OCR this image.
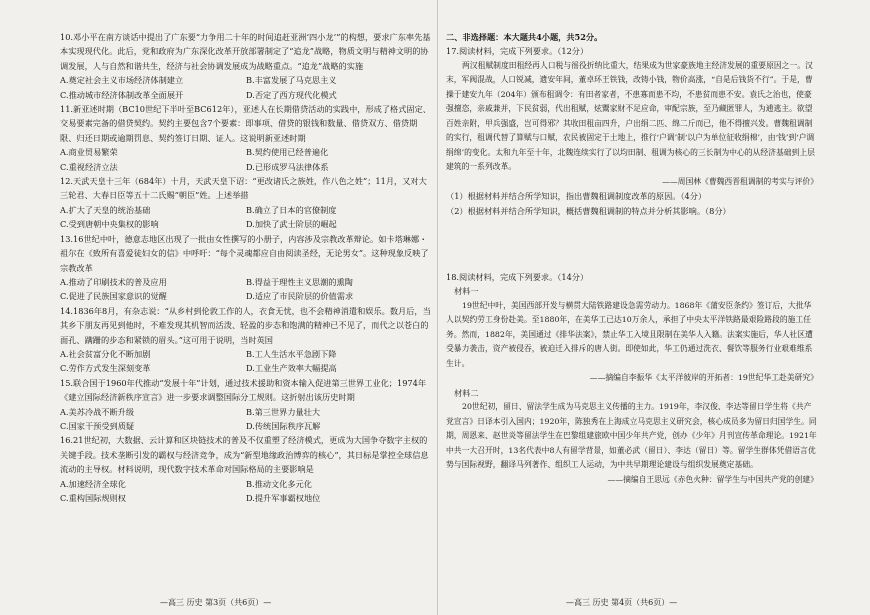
10.邓小平在南方谈话中提出了广东要“力争用二十年的时间追赶亚洲‘四小龙’”的构想，要求广东率先基本实现现代化。此后，党和政府为广东深化改革开放部署制定了“追龙”战略，物质文明与精神文明的协调发展，人与自然和谐共生，经济与社会协调发展成为战略重点。“追龙”战略的实施
A.奠定社会主义市场经济体制建立	B.丰富发展了马克思主义
C.推动城市经济体制改革全面展开	D.否定了西方现代化模式
11.新亚述时期（BC10世纪下半叶至BC612年），亚述人在长期借贷活动的实践中，形成了格式固定、交易要素完备的借贷契约。契约主要包含7个要素：即事项、借贷的银钱和数量、借贷双方、借贷期限、归还日期或逾期罚息、契约签订日期、证人。这说明新亚述时期
A.商业贸易繁荣	B.契约使用已经普遍化
C.重视经济立法	D.已形成罗马法律体系
12.天武天皇十三年（684年）十月，天武天皇下诏：“更改诸氏之族姓，作八色之姓”；11月，又对大三轮君、大春日臣等五十二氏赐“朝臣”姓。上述举措
A.扩大了天皇的统治基础	B.确立了日本的官僚制度
C.受到唐朝中央集权的影响	D.加快了武士阶层的崛起
13.16世纪中叶，德意志地区出现了一批由女性撰写的小册子，内容涉及宗教改革辩论。如卡塔琳娜・祖尔在《致所有喜爱徒妇女的信》中呼吁：“每个灵魂都应自由阅读圣经，无论男女”。这种现象反映了宗教改革
A.推动了印刷技术的普及应用	B.得益于理性主义思潮的熏陶
C.促进了民族国家意识的觉醒	D.适应了市民阶层的价值需求
14.1836年8月，有杂志说：“从乡村到伦敦工作的人，衣食无忧，也不会精神消遣和娱乐。数月后，当其乡下朋友再见到他时，不难发现其机智而活泼、轻盈的步态和饱满的精神已不见了，而代之以苍白的面孔、蹒跚的步态和紧锁的眉头。”这可用于说明，当时英国
A.社会贫富分化不断加剧	B.工人生活水平急剧下降
C.劳作方式发生深刻变革	D.工业生产效率大幅提高
15.联合国于1960年代推动“发展十年”计划，通过技术援助和资本输入促进第三世界工业化；1974年《建立国际经济新秩序宣言》进一步要求调整国际分工规则。这折射出该历史时期
A.美苏冷战不断升级	B.第三世界力量壮大
C.国家干预受到质疑	D.传统国际秩序瓦解
16.21世纪初，大数据、云计算和区块链技术的普及不仅重塑了经济模式，更成为大国争夺数字主权的关键手段。技术垄断引发的霸权与经济竞争，成为“新型地缘政治博弈的核心”，其日标是掌控全球信息流动的主导权。材料说明，现代数字技术革命对国际格局的主要影响是
A.加速经济全球化	B.推动文化多元化
C.重构国际规则权	D.提升军事霸权地位
二、非选择题：本大题共4小题，共52分。
17.阅读材料，完成下列要求。（12分）
两汉租赋制度田租经再人口税与徭役折纳比重大，结果成为世家豪族地主经济发展的重要原因之一。汉末，军阀混战，人口锐减，遗安年间，董卓环王铁钱，改铸小钱，物价高涨，“自是后钱货不行”。于是，曹操于建安九年（204年）颁布租调令：有田者家者，不患寡而患不均，不患贫而患不安。袁氏之治也，使豪强擅恣，亲戚兼并，下民贫弱，代出租赋，炫鬻家财不足应命，审配宗族，至乃藏匿罪人，为逋逃主。欲望百姓亲附，甲兵强盛，岂可得邪？其收田租亩四升，户出绢二匹、绵二斤而已，他不得擅兴发。曹魏租调制的实行，租调代替了算赋与口赋，农民被固定于土地上，推行‘户调’制‘以户为单位征收绢棉’，由‘钱’到‘户调绢绵’的变化。太和九年至十年，北魏连续实行了以均田制、租调为核心的三长制为中心的从经济基础到上层建筑的一系列改革。
——周国林《曹魏西晋租调制的考实与评价》
（1）根据材料并结合所学知识，指出曹魏租调制度改革的原因。（4分）
（2）根据材料并结合所学知识，概括曹魏租调制的特点并分析其影响。（8分）
18.阅读材料，完成下列要求。（14分）
材料一
19世纪中叶，美国西部开发与横贯大陆铁路建设急需劳动力。1868年《蒲安臣条约》签订后，大批华人以契约劳工身份赴美。至1880年，在美华工已达10万余人，承担了中央太平洋铁路最艰险路段的施工任务。然而，1882年，美国通过《排华法案》，禁止华工入境且限制在美华人入籍。法案实施后，华人社区遭受暴力袭击，资产被侵吞，被迫迁入排斥的唐人街。即使如此，华工仍通过洗衣、餐饮等服务行业艰难维系生计。
——摘编自李振华《太平洋彼岸的开拓者：19世纪华工赴美研究》
材料二
20世纪初，留日、留法学生成为马克思主义传播的主力。1919年，李汉俊、李达等留日学生将《共产党宣言》日译本引入国内；1920年，陈独秀在上海成立马克思主义研究会，核心成员多为留日归国学生。同期，周恩来、赵世炎等留法学生在巴黎组建旅欧中国少年共产党，创办《少年》月刊宣传革命理论。1921年中共一大召开时，13名代表中8人有留学背景，如董必武（留日）、李达（留日）等。留学生群体凭借语言优势与国际视野，翻译马列著作、组织工人运动，为中共早期理论建设与组织发展奠定基础。
——摘编自王思远《赤色火种：留学生与中国共产党的创建》
—高三 历史 第3页（共6页）—	—高三 历史 第4页（共6页）—
